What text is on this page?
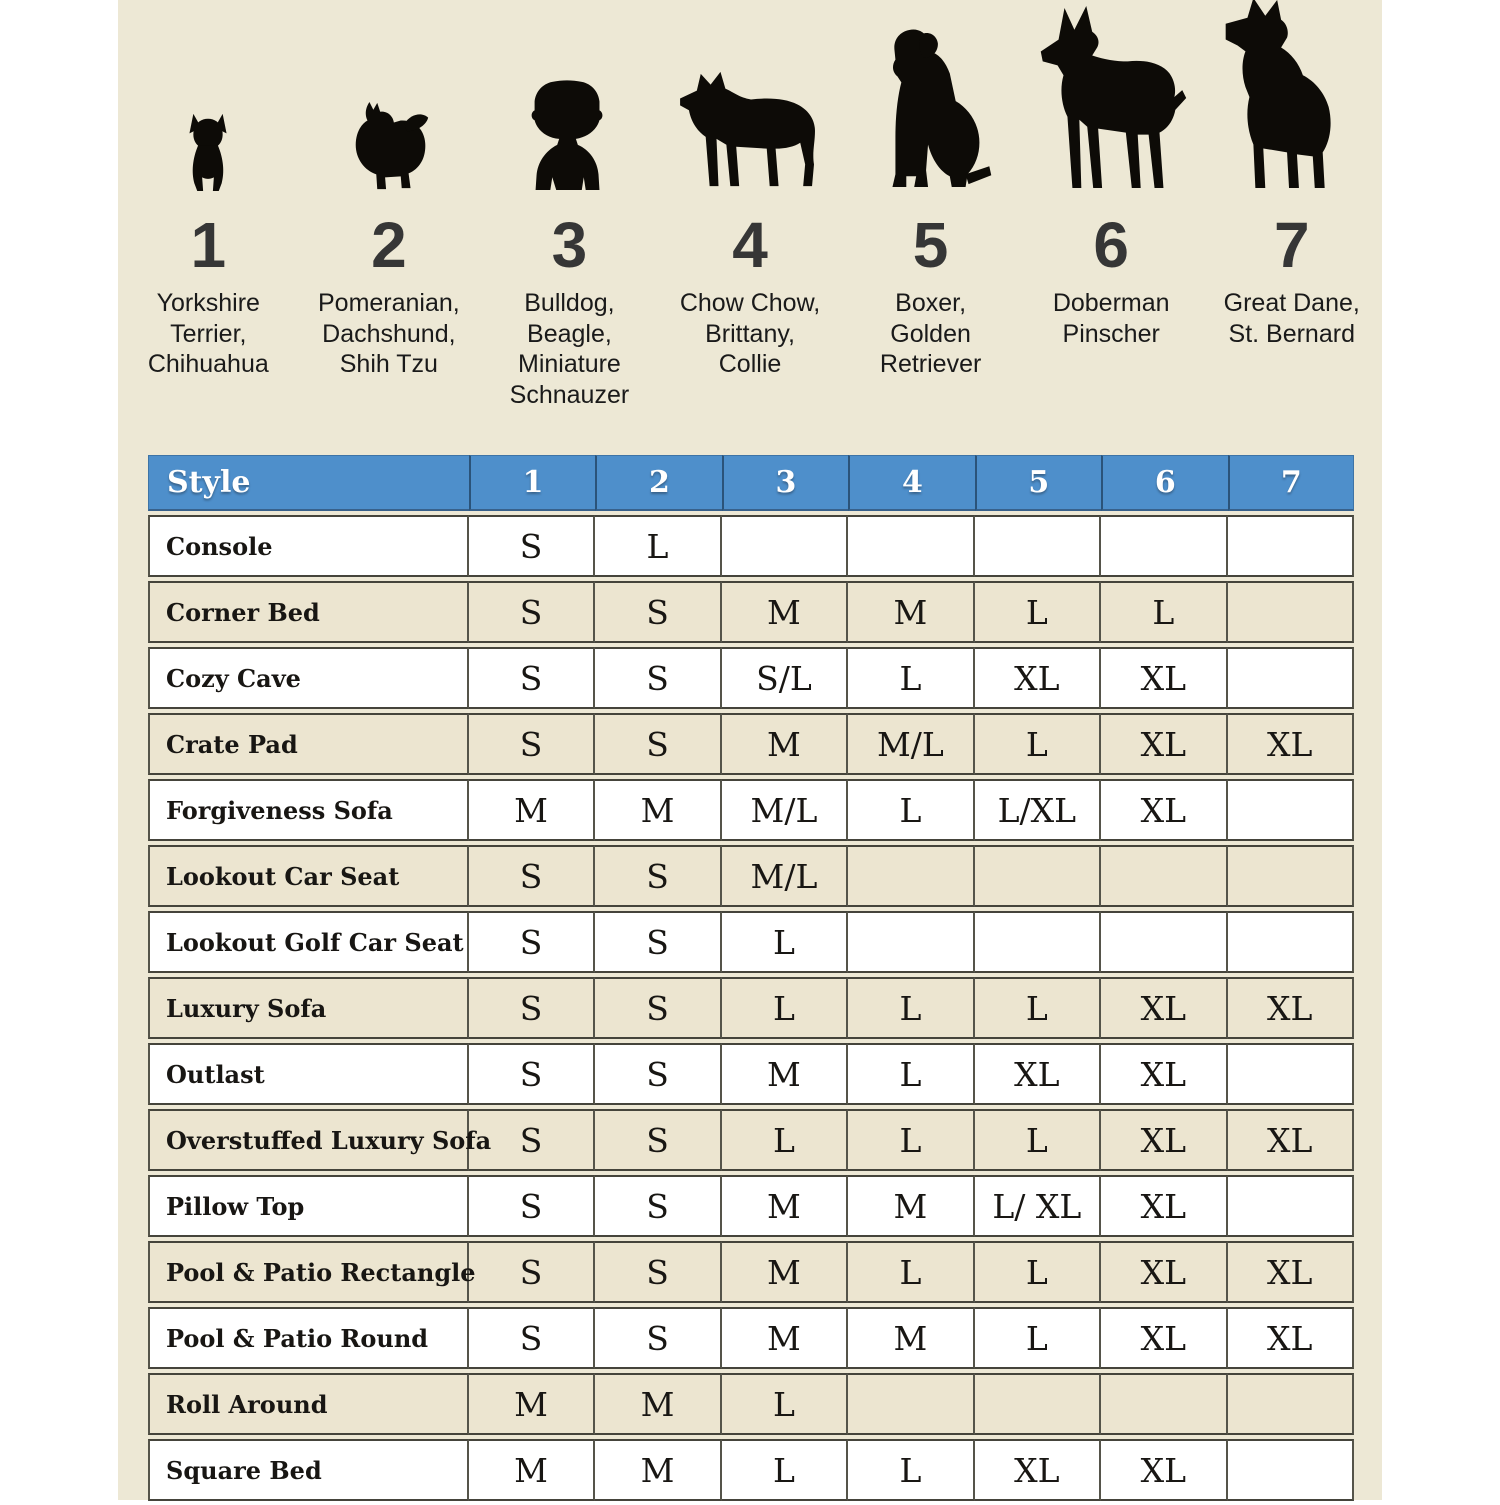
1
Yorkshire
Terrier,
Chihuahua
2
Pomeranian,
Dachshund,
Shih Tzu
3
Bulldog,
Beagle,
Miniature
Schnauzer
4
Chow Chow,
Brittany,
Collie
5
Boxer,
Golden
Retriever
6
Doberman
Pinscher
7
Great Dane,
St. Bernard
Style	1	2	3	4	5	6	7
Console	S	L					
Corner Bed	S	S	M	M	L	L	
Cozy Cave	S	S	S/L	L	XL	XL	
Crate Pad	S	S	M	M/L	L	XL	XL
Forgiveness Sofa	M	M	M/L	L	L/XL	XL	
Lookout Car Seat	S	S	M/L				
Lookout Golf Car Seat	S	S	L				
Luxury Sofa	S	S	L	L	L	XL	XL
Outlast	S	S	M	L	XL	XL	
Overstuffed Luxury Sofa	S	S	L	L	L	XL	XL
Pillow Top	S	S	M	M	L/ XL	XL	
Pool & Patio Rectangle	S	S	M	L	L	XL	XL
Pool & Patio Round	S	S	M	M	L	XL	XL
Roll Around	M	M	L				
Square Bed	M	M	L	L	XL	XL	
